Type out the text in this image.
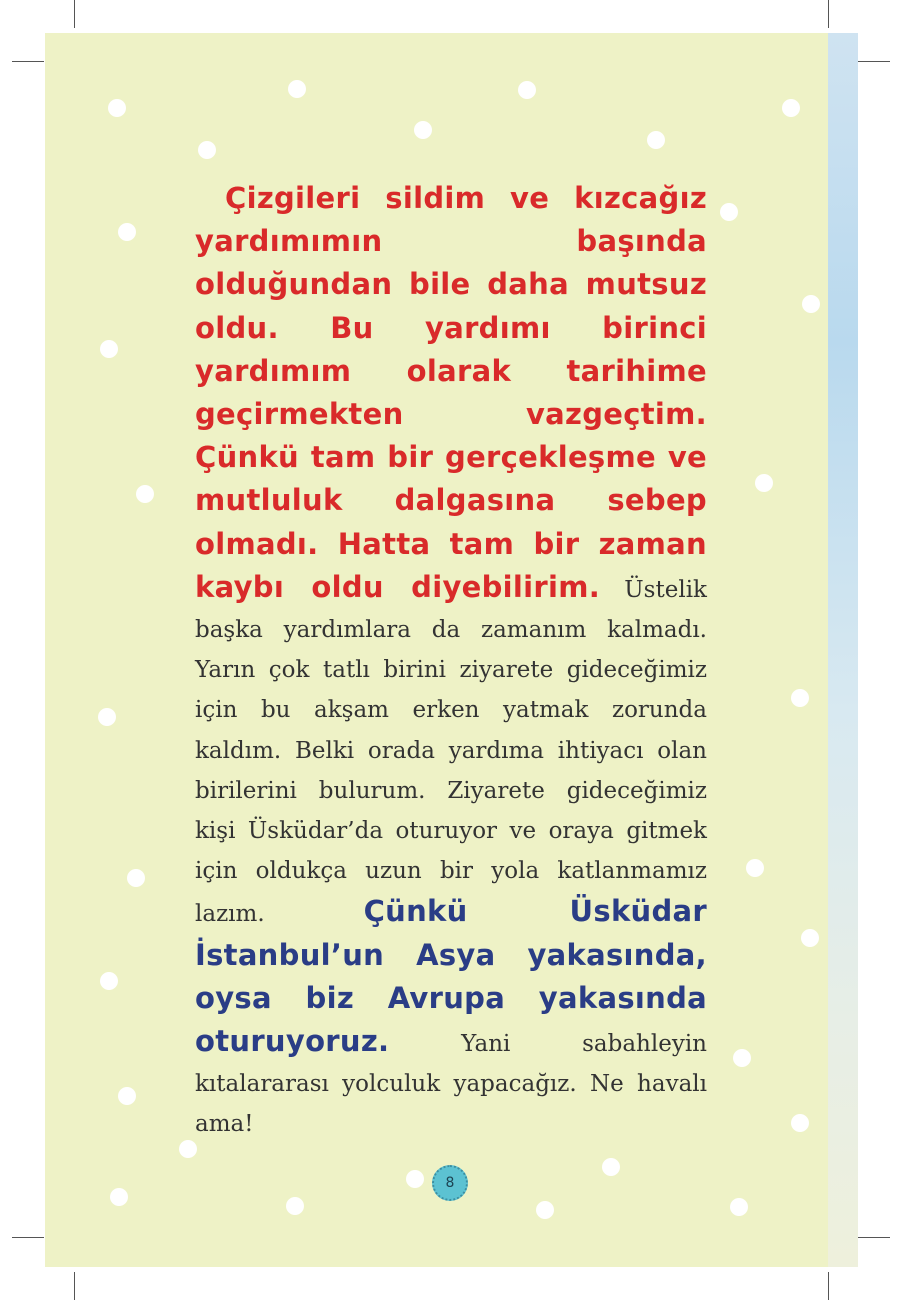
Çizgileri sildim ve kızcağız yardımımın başında olduğundan bile daha mutsuz oldu. Bu yardımı birinci yardımım olarak tarihime geçirmekten vazgeçtim. Çünkü tam bir gerçekleşme ve mutluluk dalgasına sebep olmadı. Hatta tam bir zaman kaybı oldu diyebilirim. Üstelik başka yardımlara da zamanım kalmadı. Yarın çok tatlı birini ziyarete gideceğimiz için bu akşam erken yatmak zorunda kaldım. Belki orada yardıma ihtiyacı olan birilerini bulurum. Ziyarete gideceğimiz kişi Üsküdar’da oturuyor ve oraya gitmek için oldukça uzun bir yola katlanmamız lazım.	Çünkü Üsküdar İstanbul’un Asya yakasında, oysa biz Avrupa yakasında oturuyoruz.	Yani sabahleyin kıtalararası yolculuk yapacağız. Ne havalı ama!
8
